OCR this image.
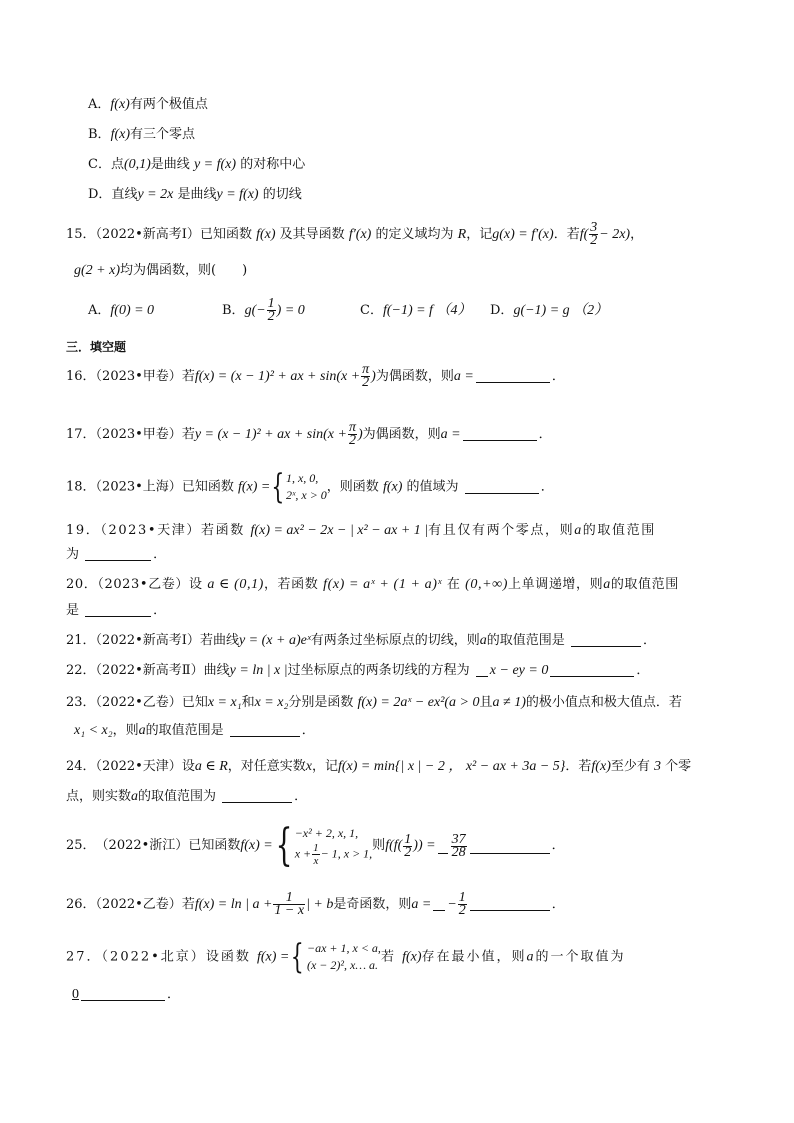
A．f(x)有两个极值点
B．f(x)有三个零点
C．点(0,1)是曲线 y = f(x) 的对称中心
D．直线y = 2x 是曲线y = f(x) 的切线
15．（2022•新高考Ⅰ）已知函数 f(x) 及其导函数 f′(x) 的定义域均为 R，记g(x) = f′(x)．若$f( \frac{3}{2} - 2x)$，
g(2 + x)均为偶函数，则(　　)
A．f(0) = 0	B．$g(- \frac{1}{2}$ ) = 0	C．f(−1) = f （4） D．g(−1) = g （2）
三．填空题
16．（2023•甲卷）若f(x) = (x − 1)² + ax + $\sin(x + \frac{\pi}{2}$ )为偶函数，则a =	．
17．（2023•甲卷）若y = (x − 1)² + ax + $\sin(x + \frac{\pi}{2}$ )为偶函数，则a =	．
18．（2023•上海）已知函数 f(x) ={ 1, x, 0,
2ˣ, x > 0
，则函数 f(x) 的值域为	．
19．（2023•天津）若函数 f(x) = ax² − 2x − | x² − ax + 1 |有且仅有两个零点，则a的取值范围
为	．
20．（2023•乙卷）设 a ∈ (0,1)，若函数 f(x) = aˣ + (1 + a)ˣ 在 (0,+∞)上单调递增，则a的取值范围
是	．
21．（2022•新高考Ⅰ）若曲线y = (x + a)eˣ有两条过坐标原点的切线，则a的取值范围是	．
22．（2022•新高考Ⅱ）曲线y = ln | x |过坐标原点的两条切线的方程为 x − ey = 0	．
23．（2022•乙卷）已知x = x₁和x = x₂分别是函数 f(x) = 2aˣ − ex²(a > 0且a ≠ 1)的极小值点和极大值点．若
x₁ < x₂，则a的取值范围是	．
24．（2022•天津）设a ∈ R，对任意实数x，记f(x) = min{| x | − 2 ， x² − ax + 3a − 5}．若f(x)至少有 3 个零
点，则实数a的取值范围为	．
25． （2022•浙江） 已知函数 f(x) = { −x² + 2, x, 1,
$x + \frac{1}{x} - 1$, x > 1,
则 $f(f( \frac{1}{2}$ )) = $\frac{37}{28}$	．
26．（2022•乙卷）若f(x) = ln | $a + \frac{1}{1 - x}$ | + b是奇函数，则a = − $\frac{1}{2}$	．
27．（2022•北京）设函数 f(x) ={ −ax + 1, x < a,
(x − 2)², x… a.
若 f(x)存在最小值，则a的一个取值为
0	．
